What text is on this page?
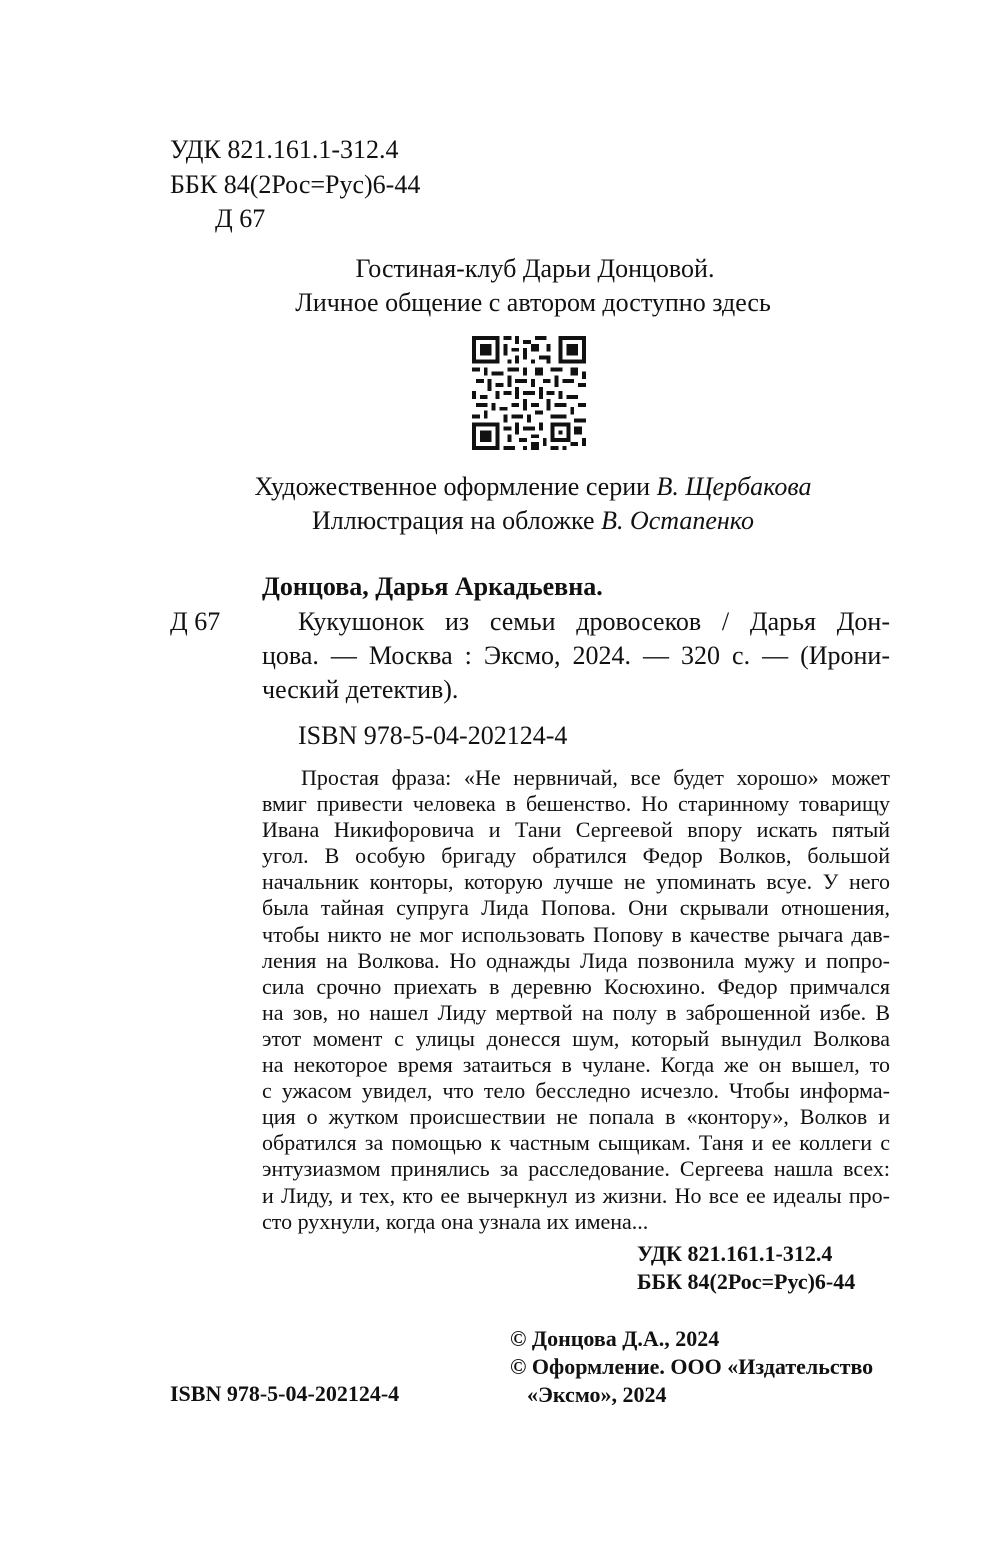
УДК 821.161.1-312.4
ББК 84(2Рос=Рус)6-44
Д 67
Гостиная-клуб Дарьи Донцовой.
Личное общение с автором доступно здесь
Художественное оформление серии В. Щербакова
Иллюстрация на обложке В. Остапенко
Донцова, Дарья Аркадьевна.
Д 67	Кукушонок из семьи дровосеков / Дарья Дон-
цова. — Москва : Эксмо, 2024. — 320 с. — (Ирони-
ческий детектив).
ISBN 978-5-04-202124-4
Простая фраза: «Не нервничай, все будет хорошо» может
вмиг привести человека в бешенство. Но старинному товарищу
Ивана Никифоровича и Тани Сергеевой впору искать пятый
угол. В особую бригаду обратился Федор Волков, большой
начальник конторы, которую лучше не упоминать всуе. У него
была тайная супруга Лида Попова. Они скрывали отношения,
чтобы никто не мог использовать Попову в качестве рычага дав-
ления на Волкова. Но однажды Лида позвонила мужу и попро-
сила срочно приехать в деревню Косюхино. Федор примчался
на зов, но нашел Лиду мертвой на полу в заброшенной избе. В
этот момент с улицы донесся шум, который вынудил Волкова
на некоторое время затаиться в чулане. Когда же он вышел, то
с ужасом увидел, что тело бесследно исчезло. Чтобы информа-
ция о жутком происшествии не попала в «контору», Волков и
обратился за помощью к частным сыщикам. Таня и ее коллеги с
энтузиазмом принялись за расследование. Сергеева нашла всех:
и Лиду, и тех, кто ее вычеркнул из жизни. Но все ее идеалы про-
сто рухнули, когда она узнала их имена...
УДК 821.161.1-312.4
ББК 84(2Рос=Рус)6-44
© Донцова Д.А., 2024
© Оформление. ООО «Издательство
«Эксмо», 2024
ISBN 978-5-04-202124-4
